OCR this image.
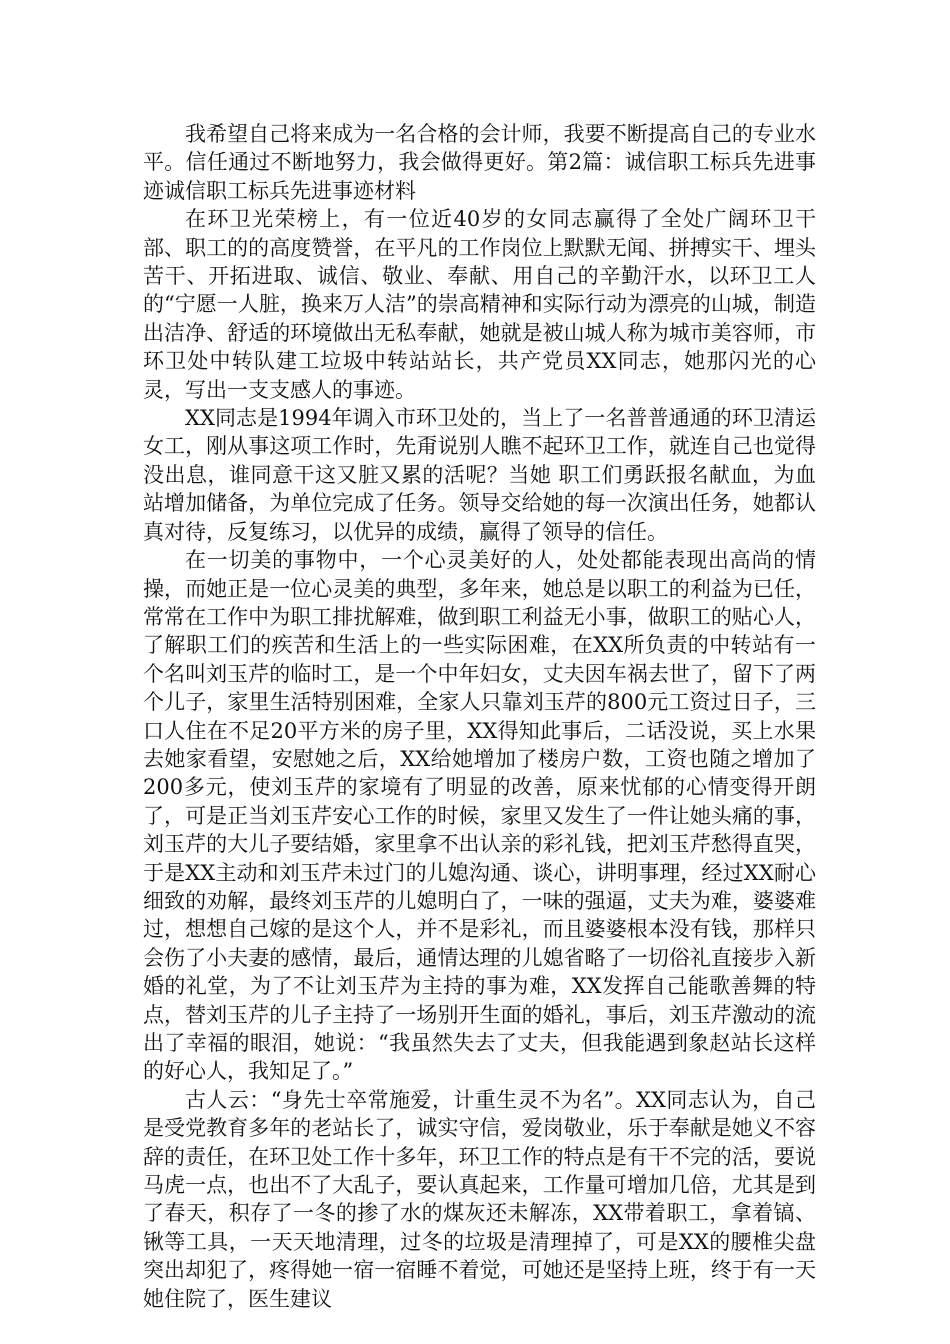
我希望自己将来成为一名合格的会计师，我要不断提高自己的专业水平。信任通过不断地努力，我会做得更好。第2篇：诚信职工标兵先进事迹诚信职工标兵先进事迹材料

在环卫光荣榜上，有一位近40岁的女同志赢得了全处广阔环卫干部、职工的的高度赞誉，在平凡的工作岗位上默默无闻、拼搏实干、埋头苦干、开拓进取、诚信、敬业、奉献、用自己的辛勤汗水，以环卫工人的“宁愿一人脏，换来万人洁”的崇高精神和实际行动为漂亮的山城，制造出洁净、舒适的环境做出无私奉献，她就是被山城人称为城市美容师，市环卫处中转队建工垃圾中转站站长，共产党员XX同志，她那闪光的心灵，写出一支支感人的事迹。

XX同志是1994年调入市环卫处的，当上了一名普普通通的环卫清运女工，刚从事这项工作时，先甭说别人瞧不起环卫工作，就连自己也觉得没出息，谁同意干这又脏又累的活呢？当她 职工们勇跃报名献血，为血站增加储备，为单位完成了任务。领导交给她的每一次演出任务，她都认真对待，反复练习，以优异的成绩，赢得了领导的信任。

在一切美的事物中，一个心灵美好的人，处处都能表现出高尚的情操，而她正是一位心灵美的典型，多年来，她总是以职工的利益为已任，常常在工作中为职工排扰解难，做到职工利益无小事，做职工的贴心人，了解职工们的疾苦和生活上的一些实际困难，在XX所负责的中转站有一个名叫刘玉芹的临时工，是一个中年妇女，丈夫因车祸去世了，留下了两个儿子，家里生活特别困难，全家人只靠刘玉芹的800元工资过日子，三口人住在不足20平方米的房子里，XX得知此事后，二话没说，买上水果去她家看望，安慰她之后，XX给她增加了楼房户数，工资也随之增加了200多元，使刘玉芹的家境有了明显的改善，原来忧郁的心情变得开朗了，可是正当刘玉芹安心工作的时候，家里又发生了一件让她头痛的事，刘玉芹的大儿子要结婚，家里拿不出认亲的彩礼钱，把刘玉芹愁得直哭，于是XX主动和刘玉芹未过门的儿媳沟通、谈心，讲明事理，经过XX耐心细致的劝解，最终刘玉芹的儿媳明白了，一味的强逼，丈夫为难，婆婆难过，想想自己嫁的是这个人，并不是彩礼，而且婆婆根本没有钱，那样只会伤了小夫妻的感情，最后，通情达理的儿媳省略了一切俗礼直接步入新婚的礼堂，为了不让刘玉芹为主持的事为难，XX发挥自己能歌善舞的特点，替刘玉芹的儿子主持了一场别开生面的婚礼，事后，刘玉芹激动的流出了幸福的眼泪，她说：“我虽然失去了丈夫，但我能遇到象赵站长这样的好心人，我知足了。”

古人云：“身先士卒常施爱，计重生灵不为名”。XX同志认为，自己是受党教育多年的老站长了，诚实守信，爱岗敬业，乐于奉献是她义不容辞的责任，在环卫处工作十多年，环卫工作的特点是有干不完的活，要说马虎一点，也出不了大乱子，要认真起来，工作量可增加几倍，尤其是到了春天，积存了一冬的掺了水的煤灰还未解冻，XX带着职工，拿着镐、锹等工具，一天天地清理，过冬的垃圾是清理掉了，可是XX的腰椎尖盘突出却犯了，疼得她一宿一宿睡不着觉，可她还是坚持上班，终于有一天她住院了，医生建议
